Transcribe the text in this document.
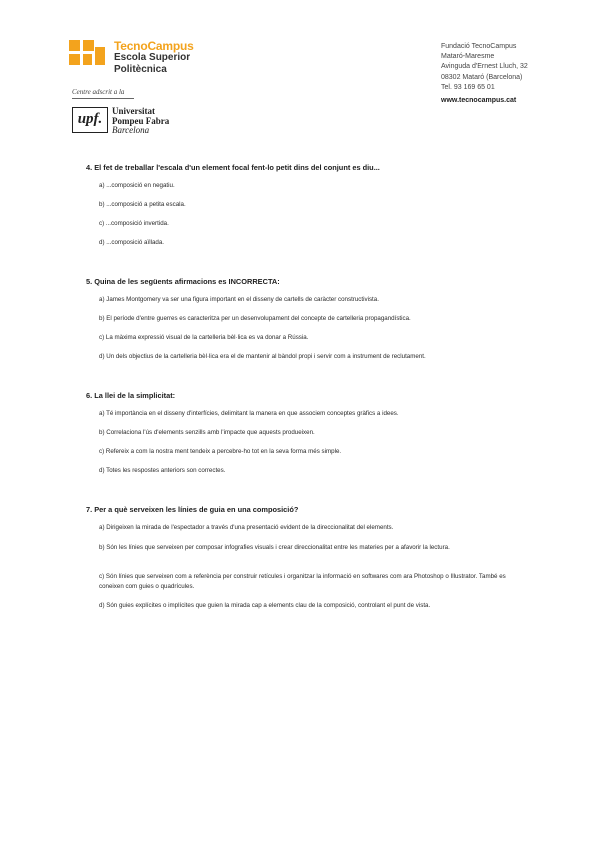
TecnoCampus
Escola Superior
Politècnica
Centre adscrit a la
upf.	Universitat
Pompeu Fabra
Barcelona
Fundació TecnoCampus
Mataró-Maresme
Avinguda d'Ernest Lluch, 32
08302 Mataró (Barcelona)
Tel. 93 169 65 01
www.tecnocampus.cat
4. El fet de treballar l'escala d'un element focal fent-lo petit dins del conjunt es diu...
a) ...composició en negatiu.
b) ...composició a petita escala.
c) ...composició invertida.
d) ...composició aïllada.
5. Quina de les següents afirmacions es INCORRECTA:
a) James Montgomery va ser una figura important en el disseny de cartells de caràcter constructivista.
b) El període d'entre guerres es caracteritza per un desenvolupament del concepte de cartelleria propagandística.
c) La màxima expressió visual de la cartelleria bèl·lica es va donar a Rússia.
d) Un dels objectius de la cartelleria bèl·lica era el de mantenir al bàndol propi i servir com a instrument de reclutament.
6. La llei de la simplicitat:
a) Té importància en el disseny d'interfícies, delimitant la manera en que associem conceptes gràfics a idees.
b) Correlaciona l'ús d'elements senzills amb l'impacte que aquests produeixen.
c) Refereix a com la nostra ment tendeix a percebre-ho tot en la seva forma més simple.
d) Totes les respostes anteriors son correctes.
7. Per a què serveixen les línies de guia en una composició?
a) Dirigeixen la mirada de l'espectador a través d'una presentació evident de la direccionalitat del elements.
b) Són les línies que serveixen per composar infografies visuals i crear direccionalitat entre les materies per a afavorir la lectura.
c) Són línies que serveixen com a referència per construir retícules i organitzar la informació en softwares com ara Photoshop o Illustrator. També es coneixen com guies o quadrícules.
d) Són guies explícites o implícites que guien la mirada cap a elements clau de la composició, controlant el punt de vista.
